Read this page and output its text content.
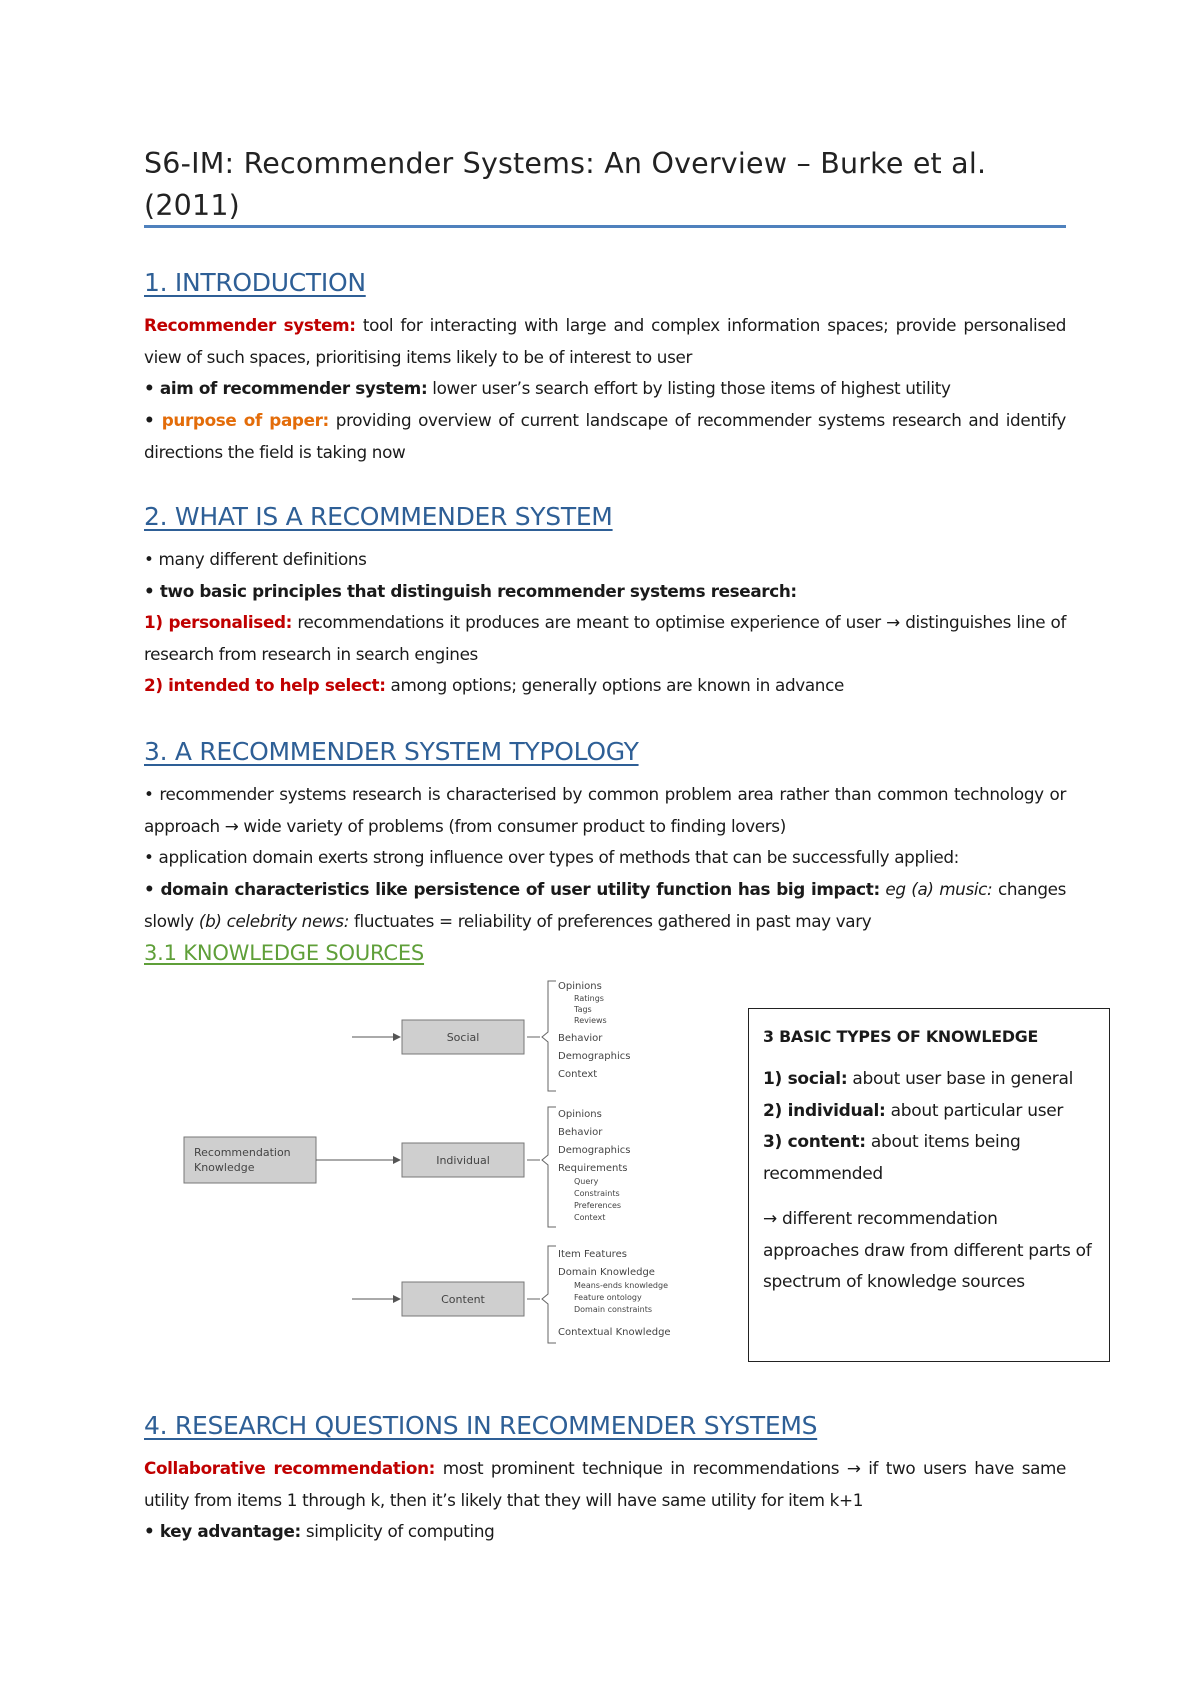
S6-IM: Recommender Systems: An Overview – Burke et al. (2011)
1. INTRODUCTION

Recommender system: tool for interacting with large and complex information spaces; provide personalised view of such spaces, prioritising items likely to be of interest to user

• aim of recommender system: lower user’s search effort by listing those items of highest utility

• purpose of paper: providing overview of current landscape of recommender systems research and identify directions the field is taking now

2. WHAT IS A RECOMMENDER SYSTEM

• many different definitions

• two basic principles that distinguish recommender systems research:

1) personalised: recommendations it produces are meant to optimise experience of user → distinguishes line of research from research in search engines

2) intended to help select: among options; generally options are known in advance

3. A RECOMMENDER SYSTEM TYPOLOGY

• recommender systems research is characterised by common problem area rather than common technology or approach → wide variety of problems (from consumer product to finding lovers)

• application domain exerts strong influence over types of methods that can be successfully applied:

• domain characteristics like persistence of user utility function has big impact: eg (a) music: changes slowly (b) celebrity news: fluctuates = reliability of preferences gathered in past may vary

3.1 KNOWLEDGE SOURCES
4. RESEARCH QUESTIONS IN RECOMMENDER SYSTEMS

Collaborative recommendation: most prominent technique in recommendations → if two users have same utility from items 1 through k, then it’s likely that they will have same utility for item k+1

• key advantage: simplicity of computing

Recommendation
Knowledge
Social
Individual
Content
Opinions
Ratings
Tags
Reviews
Behavior
Demographics
Context
Opinions
Behavior
Demographics
Requirements
Query
Constraints
Preferences
Context
Item Features
Domain Knowledge
Means-ends knowledge
Feature ontology
Domain constraints
Contextual Knowledge
3 BASIC TYPES OF KNOWLEDGE

1) social: about user base in general

2) individual: about particular user

3) content: about items being recommended

→ different recommendation approaches draw from different parts of spectrum of knowledge sources
